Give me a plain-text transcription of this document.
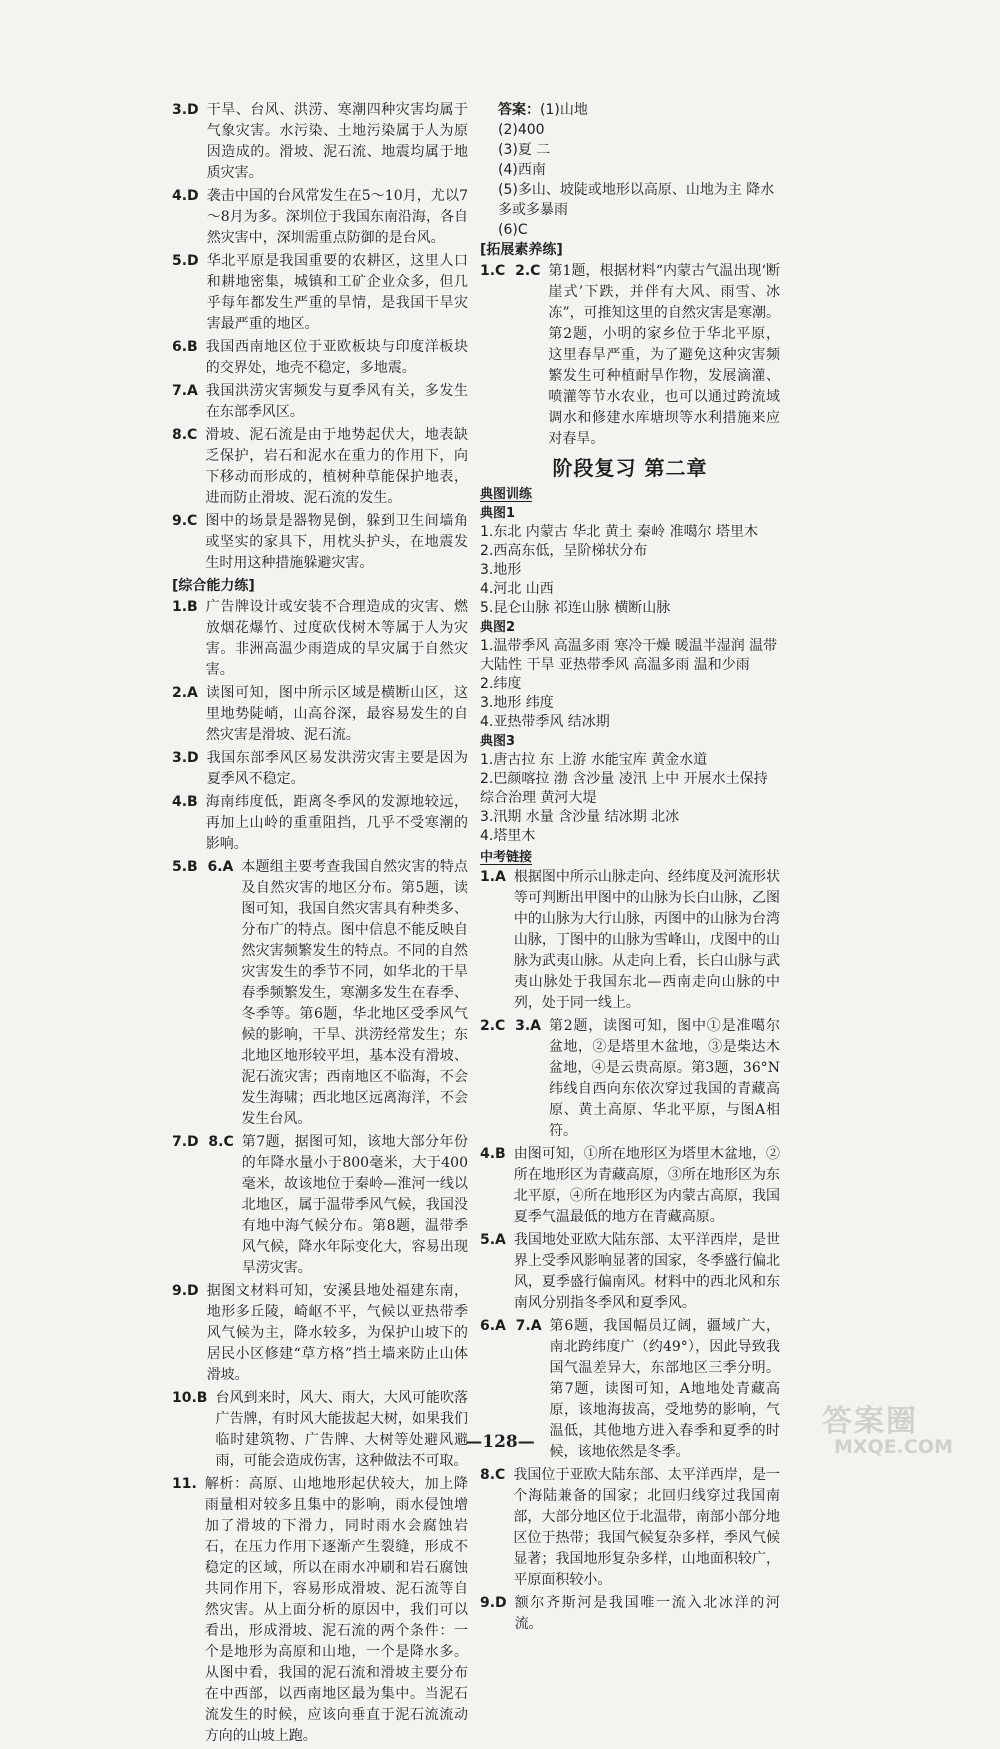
3.D 干旱、台风、洪涝、寒潮四种灾害均属于气象灾害。水污染、土地污染属于人为原因造成的。滑坡、泥石流、地震均属于地质灾害。
4.D 袭击中国的台风常发生在5～10月，尤以7～8月为多。深圳位于我国东南沿海，各自然灾害中，深圳需重点防御的是台风。
5.D 华北平原是我国重要的农耕区，这里人口和耕地密集，城镇和工矿企业众多，但几乎每年都发生严重的旱情，是我国干旱灾害最严重的地区。
6.B 我国西南地区位于亚欧板块与印度洋板块的交界处，地壳不稳定，多地震。
7.A 我国洪涝灾害频发与夏季风有关，多发生在东部季风区。
8.C 滑坡、泥石流是由于地势起伏大，地表缺乏保护，岩石和泥水在重力的作用下，向下移动而形成的，植树种草能保护地表，进而防止滑坡、泥石流的发生。
9.C 图中的场景是器物晃倒，躲到卫生间墙角或坚实的家具下，用枕头护头，在地震发生时用这种措施躲避灾害。
[综合能力练]
1.B 广告牌设计或安装不合理造成的灾害、燃放烟花爆竹、过度砍伐树木等属于人为灾害。非洲高温少雨造成的旱灾属于自然灾害。
2.A 读图可知，图中所示区域是横断山区，这里地势陡峭，山高谷深，最容易发生的自然灾害是滑坡、泥石流。
3.D 我国东部季风区易发洪涝灾害主要是因为夏季风不稳定。
4.B 海南纬度低，距离冬季风的发源地较远，再加上山岭的重重阻挡，几乎不受寒潮的影响。
5.B  6.A 本题组主要考查我国自然灾害的特点及自然灾害的地区分布。第5题，读图可知，我国自然灾害具有种类多、分布广的特点。图中信息不能反映自然灾害频繁发生的特点。不同的自然灾害发生的季节不同，如华北的干旱春季频繁发生，寒潮多发生在春季、冬季等。第6题，华北地区受季风气候的影响，干旱、洪涝经常发生；东北地区地形较平坦，基本没有滑坡、泥石流灾害；西南地区不临海，不会发生海啸；西北地区远离海洋，不会发生台风。
7.D  8.C 第7题，据图可知，该地大部分年份的年降水量小于800毫米，大于400毫米，故该地位于秦岭—淮河一线以北地区，属于温带季风气候，我国没有地中海气候分布。第8题，温带季风气候，降水年际变化大，容易出现旱涝灾害。
9.D 据图文材料可知，安溪县地处福建东南，地形多丘陵，崎岖不平，气候以亚热带季风气候为主，降水较多，为保护山坡下的居民小区修建“草方格”挡土墙来防止山体滑坡。
10.B 台风到来时，风大、雨大，大风可能吹落广告牌，有时风大能拔起大树，如果我们临时建筑物、广告牌、大树等处避风避雨，可能会造成伤害，这种做法不可取。
11. 解析：高原、山地地形起伏较大，加上降雨量相对较多且集中的影响，雨水侵蚀增加了滑坡的下滑力，同时雨水会腐蚀岩石，在压力作用下逐渐产生裂缝，形成不稳定的区域，所以在雨水冲刷和岩石腐蚀共同作用下，容易形成滑坡、泥石流等自然灾害。从上面分析的原因中，我们可以看出，形成滑坡、泥石流的两个条件：一个是地形为高原和山地，一个是降水多。从图中看，我国的泥石流和滑坡主要分布在中西部，以西南地区最为集中。当泥石流发生的时候，应该向垂直于泥石流流动方向的山坡上跑。
答案：(1)山地
(2)400
(3)夏 二
(4)西南
(5)多山、坡陡或地形以高原、山地为主 降水多或多暴雨
(6)C
[拓展素养练]
1.C  2.C 第1题，根据材料“内蒙古气温出现‘断崖式’下跌，并伴有大风、雨雪、冰冻”，可推知这里的自然灾害是寒潮。第2题，小明的家乡位于华北平原，这里春旱严重，为了避免这种灾害频繁发生可种植耐旱作物，发展滴灌、喷灌等节水农业，也可以通过跨流域调水和修建水库塘坝等水利措施来应对春旱。
阶段复习 第二章
典图训练
典图1
1.东北 内蒙古 华北 黄土 秦岭 准噶尔 塔里木
2.西高东低，呈阶梯状分布
3.地形
4.河北 山西
5.昆仑山脉 祁连山脉 横断山脉
典图2
1.温带季风 高温多雨 寒冷干燥 暖温半湿润 温带大陆性 干旱 亚热带季风 高温多雨 温和少雨
2.纬度
3.地形 纬度
4.亚热带季风 结冰期
典图3
1.唐古拉 东 上游 水能宝库 黄金水道
2.巴颜喀拉 渤 含沙量 凌汛 上中 开展水土保持综合治理 黄河大堤
3.汛期 水量 含沙量 结冰期 北冰
4.塔里木
中考链接
1.A 根据图中所示山脉走向、经纬度及河流形状等可判断出甲图中的山脉为长白山脉，乙图中的山脉为大行山脉，丙图中的山脉为台湾山脉，丁图中的山脉为雪峰山，戊图中的山脉为武夷山脉。从走向上看，长白山脉与武夷山脉处于我国东北—西南走向山脉的中列，处于同一线上。
2.C  3.A 第2题，读图可知，图中①是准噶尔盆地，②是塔里木盆地，③是柴达木盆地，④是云贵高原。第3题，36°N纬线自西向东依次穿过我国的青藏高原、黄土高原、华北平原，与图A相符。
4.B 由图可知，①所在地形区为塔里木盆地，②所在地形区为青藏高原，③所在地形区为东北平原，④所在地形区为内蒙古高原，我国夏季气温最低的地方在青藏高原。
5.A 我国地处亚欧大陆东部、太平洋西岸，是世界上受季风影响显著的国家，冬季盛行偏北风，夏季盛行偏南风。材料中的西北风和东南风分别指冬季风和夏季风。
6.A  7.A 第6题，我国幅员辽阔，疆域广大，南北跨纬度广（约49°），因此导致我国气温差异大，东部地区三季分明。第7题，读图可知，A地地处青藏高原，该地海拔高，受地势的影响，气温低，其他地方进入春季和夏季的时候，该地依然是冬季。
8.C 我国位于亚欧大陆东部、太平洋西岸，是一个海陆兼备的国家；北回归线穿过我国南部，大部分地区位于北温带，南部小部分地区位于热带；我国气候复杂多样，季风气候显著；我国地形复杂多样，山地面积较广，平原面积较小。
9.D 额尔齐斯河是我国唯一流入北冰洋的河流。
—128—
答案圈
MXQE.COM
